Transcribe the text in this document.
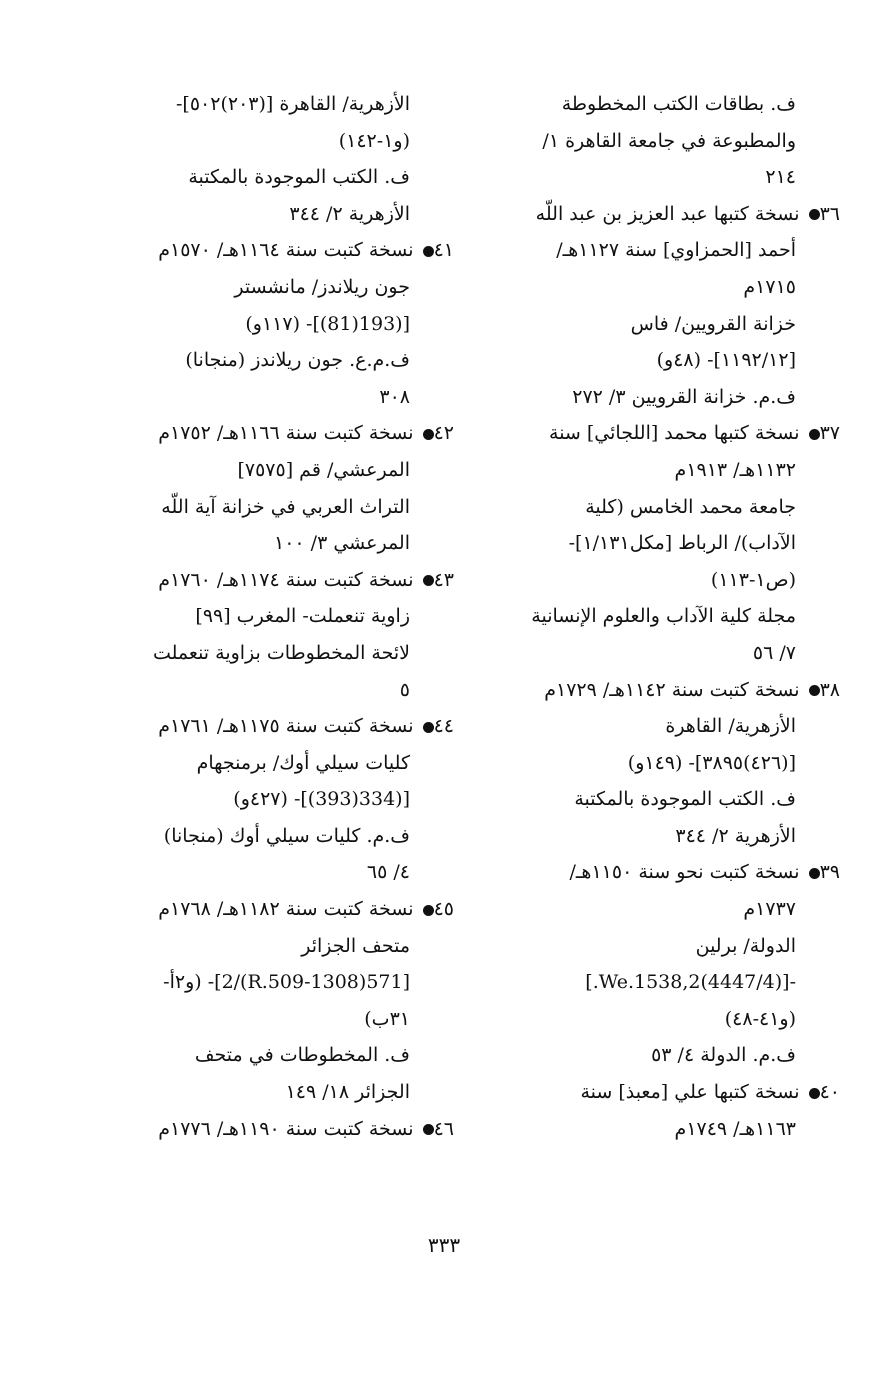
ف. بطاقات الكتب المخطوطة
والمطبوعة في جامعة القاهرة ١/
٢١٤
٣٦ نسخة كتبها عبد العزيز بن عبد اللّه
أحمد [الحمزاوي] سنة ١١٢٧هـ/
١٧١٥م
خزانة القرويين/ فاس
[١١٩٢/١٢]- (٤٨و)
ف.م. خزانة القرويين ٣/ ٢٧٢
٣٧ نسخة كتبها محمد [اللجائي] سنة
١١٣٢هـ/ ١٩١٣م
جامعة محمد الخامس (كلية
الآداب)/ الرباط [مكل١/١٣١]-
(ص١-١١٣)
مجلة كلية الآداب والعلوم الإنسانية
٧/ ٥٦
٣٨ نسخة كتبت سنة ١١٤٢هـ/ ١٧٢٩م
الأزهرية/ القاهرة
[(٤٢٦)٣٨٩٥]- (١٤٩و)
ف. الكتب الموجودة بالمكتبة
الأزهرية ٢/ ٣٤٤
٣٩ نسخة كتبت نحو سنة ١١٥٠هـ/
١٧٣٧م
الدولة/ برلين
-[(4447/4)We.1538,2.]
(و٤١-٤٨)
ف.م. الدولة ٤/ ٥٣
٤٠ نسخة كتبها علي [معبذ] سنة
١١٦٣هـ/ ١٧٤٩م
الأزهرية/ القاهرة [(٢٠٣)٥٠٢]-
(و١-١٤٢)
ف. الكتب الموجودة بالمكتبة
الأزهرية ٢/ ٣٤٤
٤١ نسخة كتبت سنة ١١٦٤هـ/ ١٥٧٠م
جون ريلاندز/ مانشستر
[(193(81)]- (١١٧و)
ف.م.ع. جون ريلاندز (منجانا)
٣٠٨
٤٢ نسخة كتبت سنة ١١٦٦هـ/ ١٧٥٢م
المرعشي/ قم [٧٥٧٥]
التراث العربي في خزانة آية اللّه
المرعشي ٣/ ١٠٠
٤٣ نسخة كتبت سنة ١١٧٤هـ/ ١٧٦٠م
زاوية تنعملت- المغرب [٩٩]
لائحة المخطوطات بزاوية تنعملت
٥
٤٤ نسخة كتبت سنة ١١٧٥هـ/ ١٧٦١م
كليات سيلي أوك/ برمنجهام
[(334(393)]- (٤٢٧و)
ف.م. كليات سيلي أوك (منجانا)
٤/ ٦٥
٤٥ نسخة كتبت سنة ١١٨٢هـ/ ١٧٦٨م
متحف الجزائر
[571(1308-R.509)/2]- (و٢أ-
٣١ب)
ف. المخطوطات في متحف
الجزائر ١٨/ ١٤٩
٤٦ نسخة كتبت سنة ١١٩٠هـ/ ١٧٧٦م
٣٣٣
